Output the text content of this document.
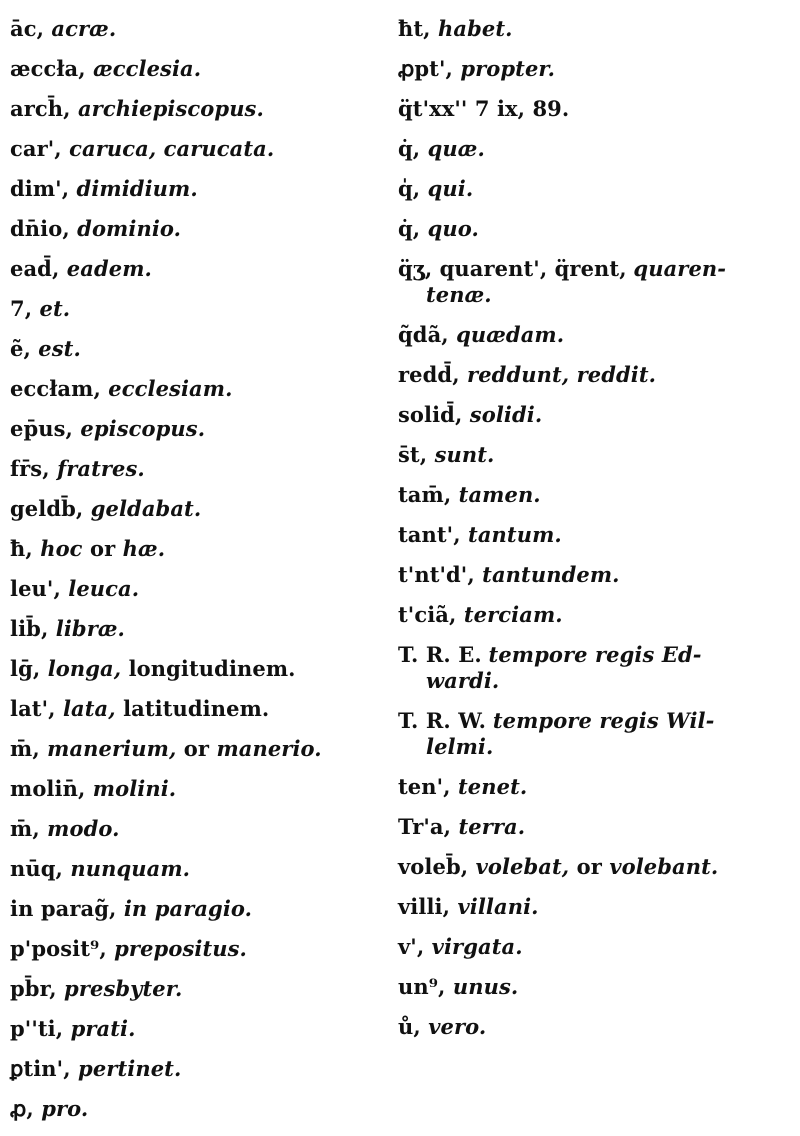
āc, acræ.
æccła, æcclesia.
arch̄, archiepiscopus.
car', caruca, carucata.
dim', dimidium.
dn̄io, dominio.
ead̄, eadem.
7, et.
ẽ, est.
eccłam, ecclesiam.
ep̄us, episcopus.
fr̄s, fratres.
geldb̄, geldabat.
ħ, hoc or hæ.
leu', leuca.
lib̄, libræ.
lḡ, longa, longitudinem.
lat', lata, latitudinem.
m̄, manerium, or manerio.
molin̄, molini.
m̄, modo.
nūq, nunquam.
in parag̃, in paragio.
p'posit⁹, prepositus.
pb̄r, presbyter.
p''ti, prati.
ꝑtin', pertinet.
ꝓ, pro.
ħt, habet.
ꝓpt', propter.
q̈t'xx'' 7 ix, 89.
q̇, quæ.
q̍, qui.
q̇, quo.
q̈ʒ, quarent', q̈rent, quaren-
tenæ.
q̃dã, quædam.
redd̄, reddunt, reddit.
solid̄, solidi.
s̄t, sunt.
tam̄, tamen.
tant', tantum.
t'nt'd', tantundem.
t'ciã, terciam.
T. R. E. tempore regis Ed-
wardi.
T. R. W. tempore regis Wil-
lelmi.
ten', tenet.
Tr'a, terra.
voleb̄, volebat, or volebant.
villi, villani.
v', virgata.
un⁹, unus.
ů, vero.
